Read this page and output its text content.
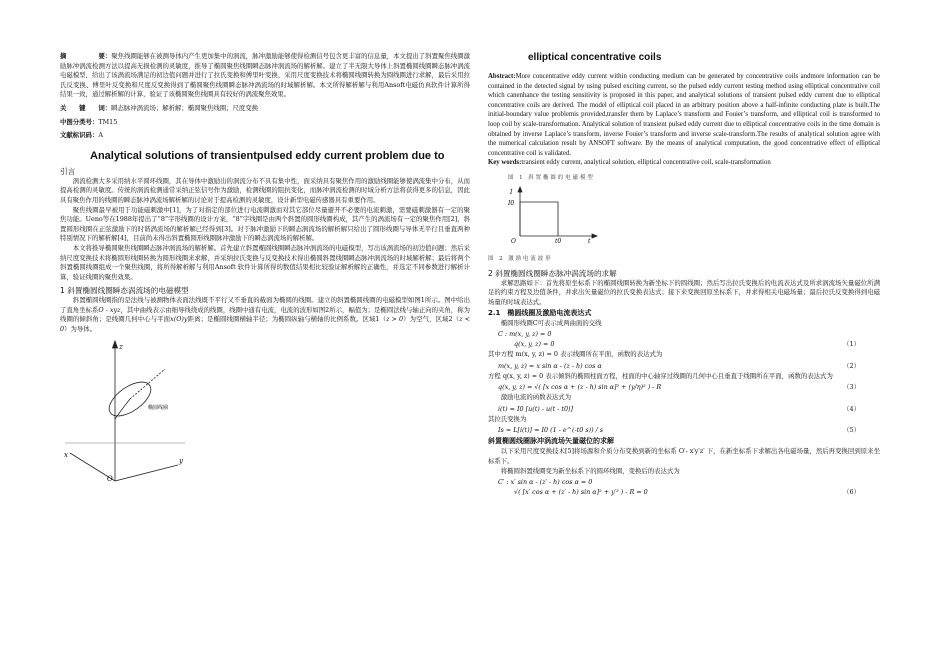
摘　　　　　要：聚焦线圈能够在被测导体内产生更加集中的涡流，脉冲激励能够使得检测信号包含更丰富的信息量，本文提出了斜置聚焦线圈激励脉冲涡流检测方法以提高无损检测的灵敏度，推导了椭圆聚焦线圈瞬态脉冲涡流场的解析解。建立了半无限大导体上斜置椭圆线圈瞬态脉冲涡流电磁模型，给出了该涡流场满足的初边值问题并进行了拉氏变换和傅里叶变换，采用尺度变换技术将椭圆线圈转换为圆线圈进行求解，最后采用拉氏反变换、傅里叶反变换和尺度反变换得到了椭圆聚焦线圈瞬态脉冲涡流场的时域解析解。本文所得解析解与利用Ansoft电磁仿真软件计算所得结果一致，通过解析解的计算，验证了该椭圆聚焦线圈具有较好的涡流聚焦效果。

关　　键　　词：瞬态脉冲涡流场；解析解；椭圆聚焦线圈；尺度变换

中图分类号：TM15

文献标识码：A

Analytical solutions of transientpulsed eddy current problem due to
引言

涡流检测大多采用纳水平圆环线圈，其在导体中激励出的涡流分布不具有集中性，面采纳具有聚焦作用的激励线圈能够使涡流集中分布，从而提高检测的灵敏度。传统的涡流检测通常采纳正弦信号作为激励，检测线圈的阻抗变化，而脉冲涡流检测的时域分析方法将获得更多的信息，因此具有聚焦作用的线圈的瞬态脉冲涡流场解析解的讨论对于提高检测的灵敏度，设计新型电磁传感器具有重要作用。

聚焦线圈最早被用于功能磁刺激中[1]，为了对指定的部位进行电流刺激而对其它部位尽量避开不必要的电流刺激，需要磁刺激器有一定的聚焦功能。Ueno等在1988年提出了“8”字形线圈的设计方案，“8”字线圈是由两个斜置的圆形线圈构成，其产生的涡流场有一定的聚焦作用[2]，斜置圆形线圈在正弦激励下的时谐涡流场的解析解已经得到[3]。对于脉冲激励下的瞬态涡流场的解析解只给出了圆形线圈与导体无平行且垂直两种特别情况下的解析解[4]，目前尚未得出斜置椭圆形线圈脉冲激励下的瞬态涡流场的解析解。

本文将推导椭圆聚焦线圈瞬态脉冲涡流场的解析解。首先建立斜置椭圆线圈瞬态脉冲涡流场的电磁模型，写出该涡流场的初边值问题；然后采纳尺度变换技术将椭圆形线圈转换为圆形线圈来求解，并采纳拉氏变换与反变换技术得出椭圆斜置线圈瞬态脉冲涡流场的时域解析解；最后将两个斜置椭圆线圈组成一个聚焦线圈，将所得解析解与利用Ansoft 软件计算所得的数值结果相比较验证解析解的正确性，并选定不同参数进行解析计算，验证线圈的聚焦效果。

1 斜置椭圆线圈瞬态涡流场的电磁模型

斜置椭圆线圈指的是法线与被测物体表面法线既不平行又不垂直的截面为椭圆的线圈。建立的斜置椭圆线圈的电磁模型如图1所示。图中给出了直角坐标系O - xyz，其中曲线表示由细导线绕成的线圈，线圈中通有电流，电流的波形如图2所示，幅值为；是椭圆法线与轴正向的夹角，称为线圈的倾斜角；是线圈几何中心与平面x(O)y距离；是椭圆线圈横轴半径；为椭圆纵轴与横轴的比例系数。区域1（z > 0）为空气，区域2（z < 0）为导体。

z
x
y
O
椭圆线圈
elliptical concentrative coils

Abstract:More concentrative eddy current within conducting medium can be generated by concentrative coils andmore information can be contained in the detected signal by using pulsed exciting current, so the pulsed eddy current testing method using elliptical concentrative coil which canenhance the testing sensitivity is proposed in this paper, and analytical solutions of transient pulsed eddy current due to elliptical concentrative coils are derived. The model of elliptical coil placed in an arbitrary position above a half-infinite conducting plate is built.The initial-boundary value problemis provided,transfer them by Laplace’s transform and Fouier’s transform, and elliptical coil is transformed to loop coil by scale-transformation. Analytical solution of transient pulsed eddy current due to elliptical concentrative coils in the time domain is obtained by inverse Laplace’s transform, inverse Fouier’s transform and inverse scale-transform.The results of analytical solution agree with the numerical calculation result by ANSOFT software. By the means of analytical computation, the good concentrative effect of elliptical concentrative coil is validated.

Key words:transient eddy current, analytical solution, elliptical concentrative coil, scale-transformation

图 1 斜置椭圆的电磁模型
I0
I
O	t0	t
图 2 激励电流波形
2 斜置椭圆线圈瞬态脉冲涡流场的求解

求解思路如下：首先将原坐标系下的椭圆线圈转换为新坐标下的圆线圈；然后写出拉氏变换后的电流表达式及所求涡流场矢量磁位所满足的约束方程及边值条件，并求出矢量磁位的拉氏变换表达式；接下来变换回原坐标系下，并求得相关电磁场量；最后拉氏反变换得到电磁场量的时域表达式。

2.1　椭圆线圈及激励电流表达式

椭圆形线圈C可表示成两曲面的交线

C : m(x, y, z) = 0
q(x, y, z) = 0	（1）

其中方程 m(x, y, z) = 0 表示线圈所在平面，函数的表达式为

m(x, y, z) = x sin α - (z - h) cos α	（2）

方程 q(x, y, z) = 0 表示倾斜的椭圆柱面方程，柱面的中心轴穿过线圈的几何中心且垂直于线圈所在平面，函数的表达式为

q(x, y, z) = √( [x cos α + (z - h) sin α]² + (y/η)² ) - R	（3）

激励电流的函数表达式为

i(t) = I0 [u(t) - u(t - t0)]	（4）

其拉氏变换为

Is = L[i(t)] = I0 (1 - e^(-t0 s)) / s	（5）
斜置椭圆线圈脉冲涡流场矢量磁位的求解

以下采用尺度变换技术[5]将场源和介质分布变换到新的坐标系 O′- x′y′z′ 下，在新坐标系下求解出各电磁场量，然后再变换回到原来坐标系下。

将椭圆斜置线圈变为新坐标系下的圆环线圈，变换后的表达式为

C′ : x′ sin α - (z′ - h) cos α = 0
√( [x′ cos α + (z′ - h) sin α]² + y′² ) - R = 0	（6）
